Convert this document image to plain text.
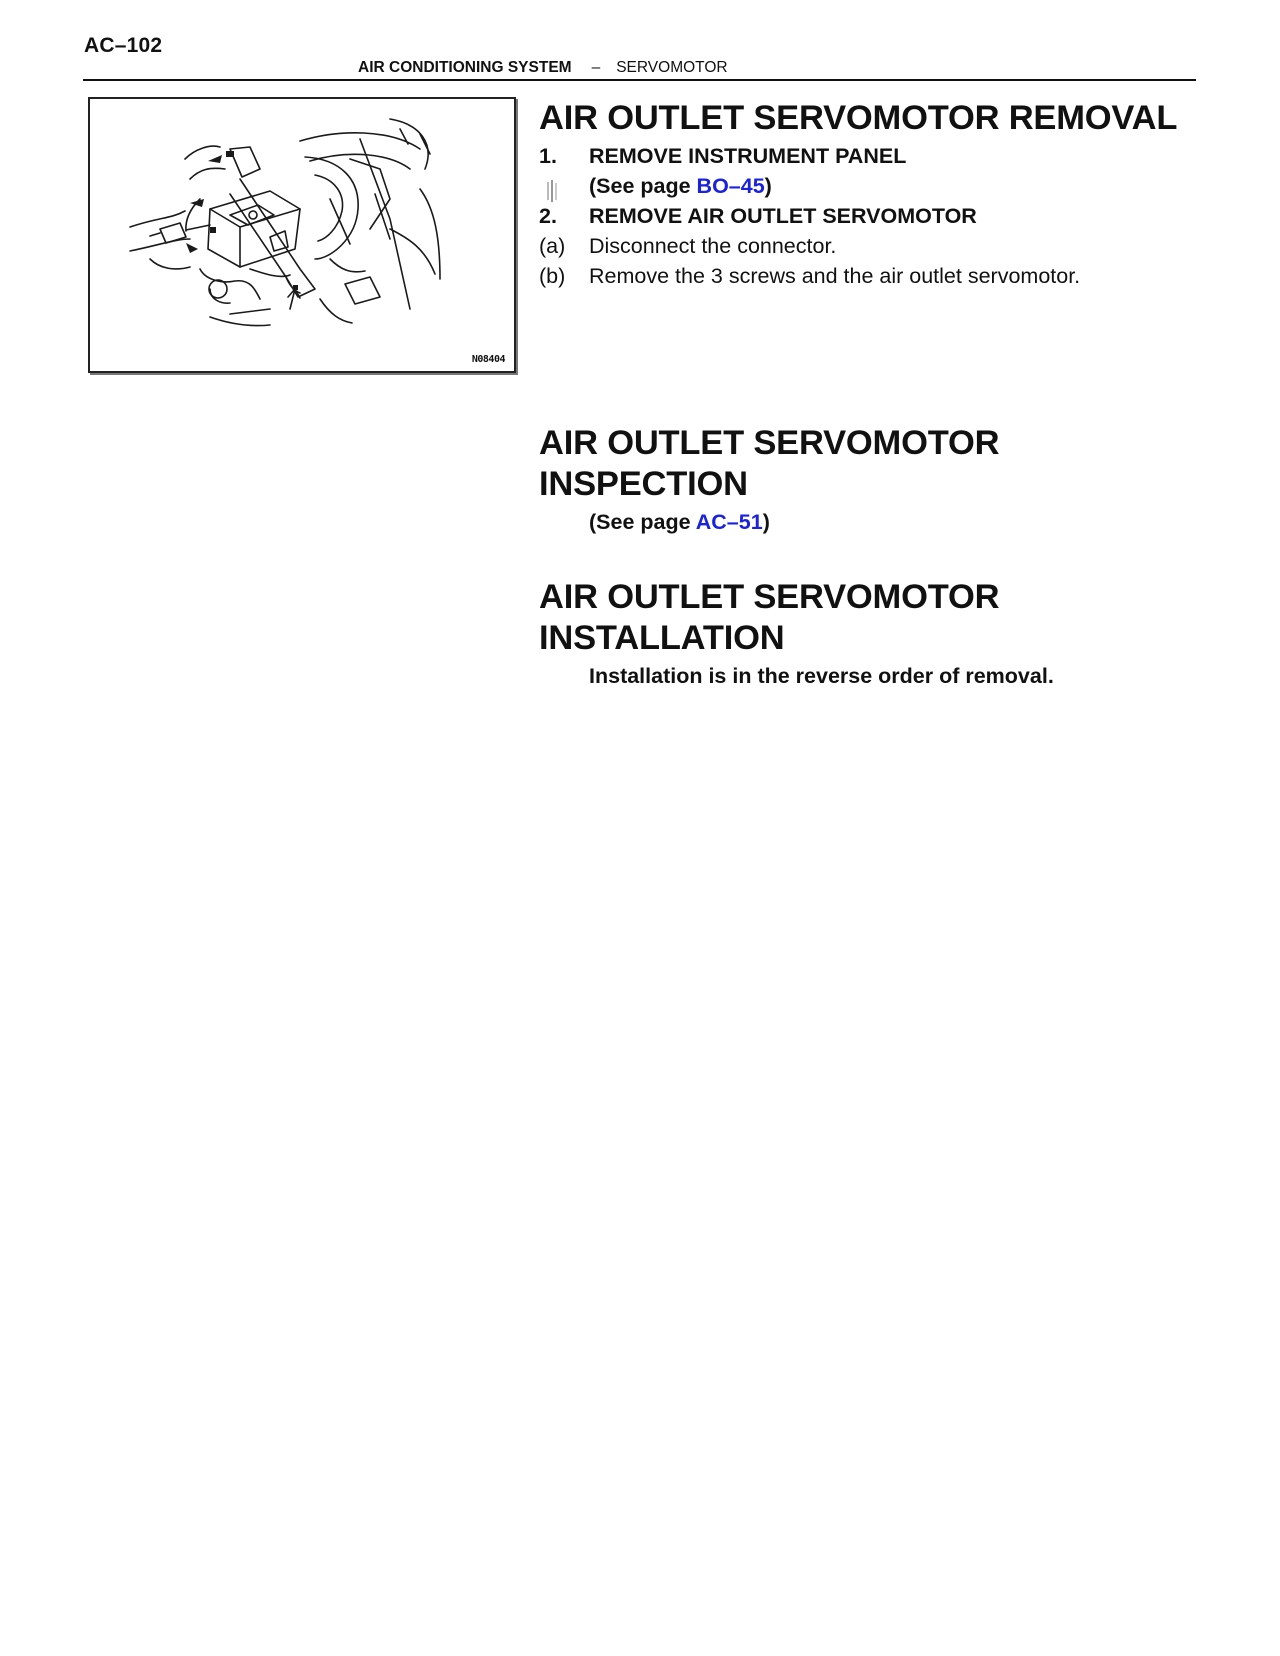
AC–102
AIR CONDITIONING SYSTEM – SERVOMOTOR
N08404
AIR OUTLET SERVOMOTOR REMOVAL
1. REMOVE INSTRUMENT PANEL
(See page BO–45)
2. REMOVE AIR OUTLET SERVOMOTOR
(a) Disconnect the connector.
(b) Remove the 3 screws and the air outlet servomotor.
AIR OUTLET SERVOMOTOR
INSPECTION
(See page AC–51)
AIR OUTLET SERVOMOTOR
INSTALLATION
Installation is in the reverse order of removal.
